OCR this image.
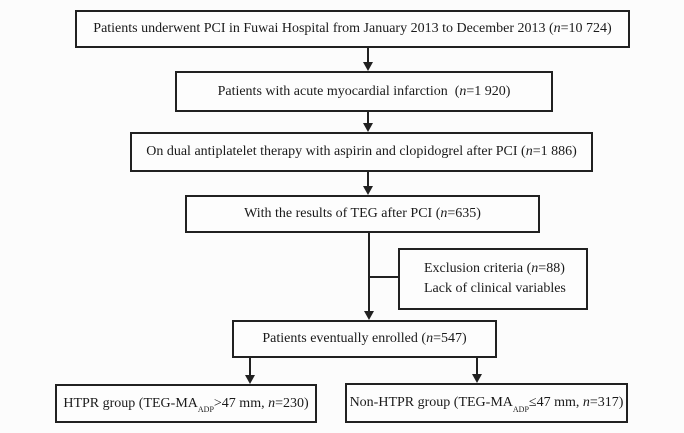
Patients underwent PCI in Fuwai Hospital from January 2013 to December 2013 (n=10 724)
Patients with acute myocardial infarction  (n=1 920)
On dual antiplatelet therapy with aspirin and clopidogrel after PCI (n=1 886)
With the results of TEG after PCI (n=635)
Exclusion criteria (n=88)
Lack of clinical variables
Patients eventually enrolled (n=547)
HTPR group ($TEG-MA_{ADP}>47$ mm, n=230)	Non-HTPR group ($TEG-MA_{ADP}\le 47$ mm, n=317)
